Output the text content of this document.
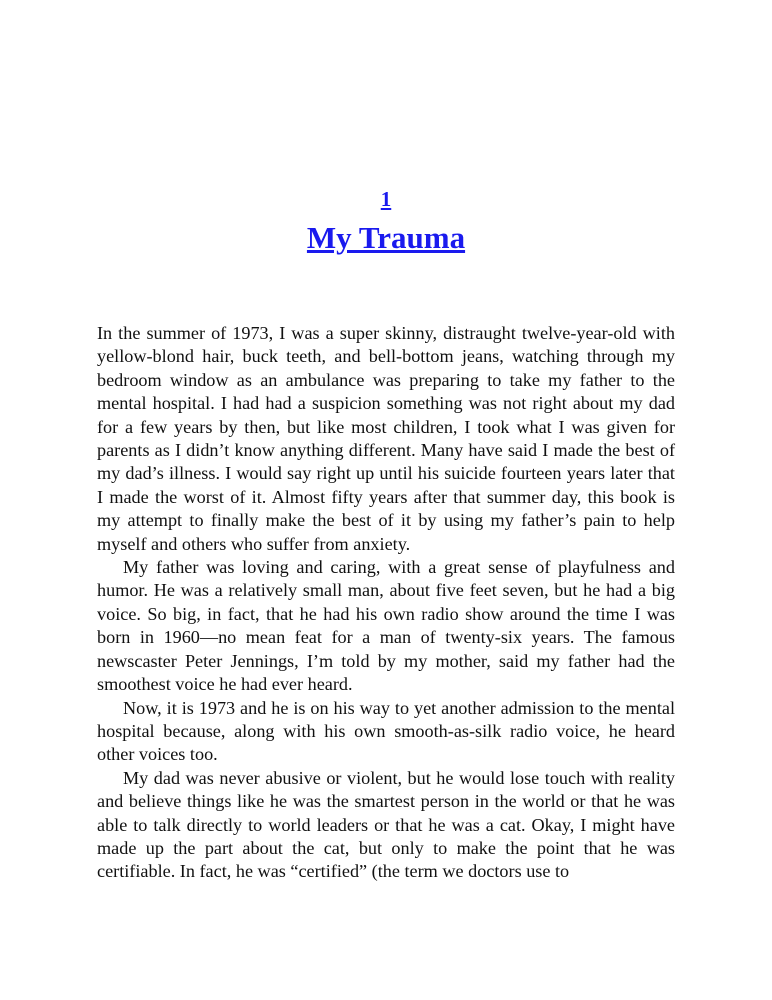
1
My Trauma

In the summer of 1973, I was a super skinny, distraught twelve-year-old with yellow-blond hair, buck teeth, and bell-bottom jeans, watching through my bedroom window as an ambulance was preparing to take my father to the mental hospital. I had had a suspicion something was not right about my dad for a few years by then, but like most children, I took what I was given for parents as I didn’t know anything different. Many have said I made the best of my dad’s illness. I would say right up until his suicide fourteen years later that I made the worst of it. Almost fifty years after that summer day, this book is my attempt to finally make the best of it by using my father’s pain to help myself and others who suffer from anxiety.

My father was loving and caring, with a great sense of playfulness and humor. He was a relatively small man, about five feet seven, but he had a big voice. So big, in fact, that he had his own radio show around the time I was born in 1960—no mean feat for a man of twenty-six years. The famous newscaster Peter Jennings, I’m told by my mother, said my father had the smoothest voice he had ever heard.

Now, it is 1973 and he is on his way to yet another admission to the mental hospital because, along with his own smooth-as-silk radio voice, he heard other voices too.

My dad was never abusive or violent, but he would lose touch with reality and believe things like he was the smartest person in the world or that he was able to talk directly to world leaders or that he was a cat. Okay, I might have made up the part about the cat, but only to make the point that he was certifiable. In fact, he was “certified” (the term we doctors use to
